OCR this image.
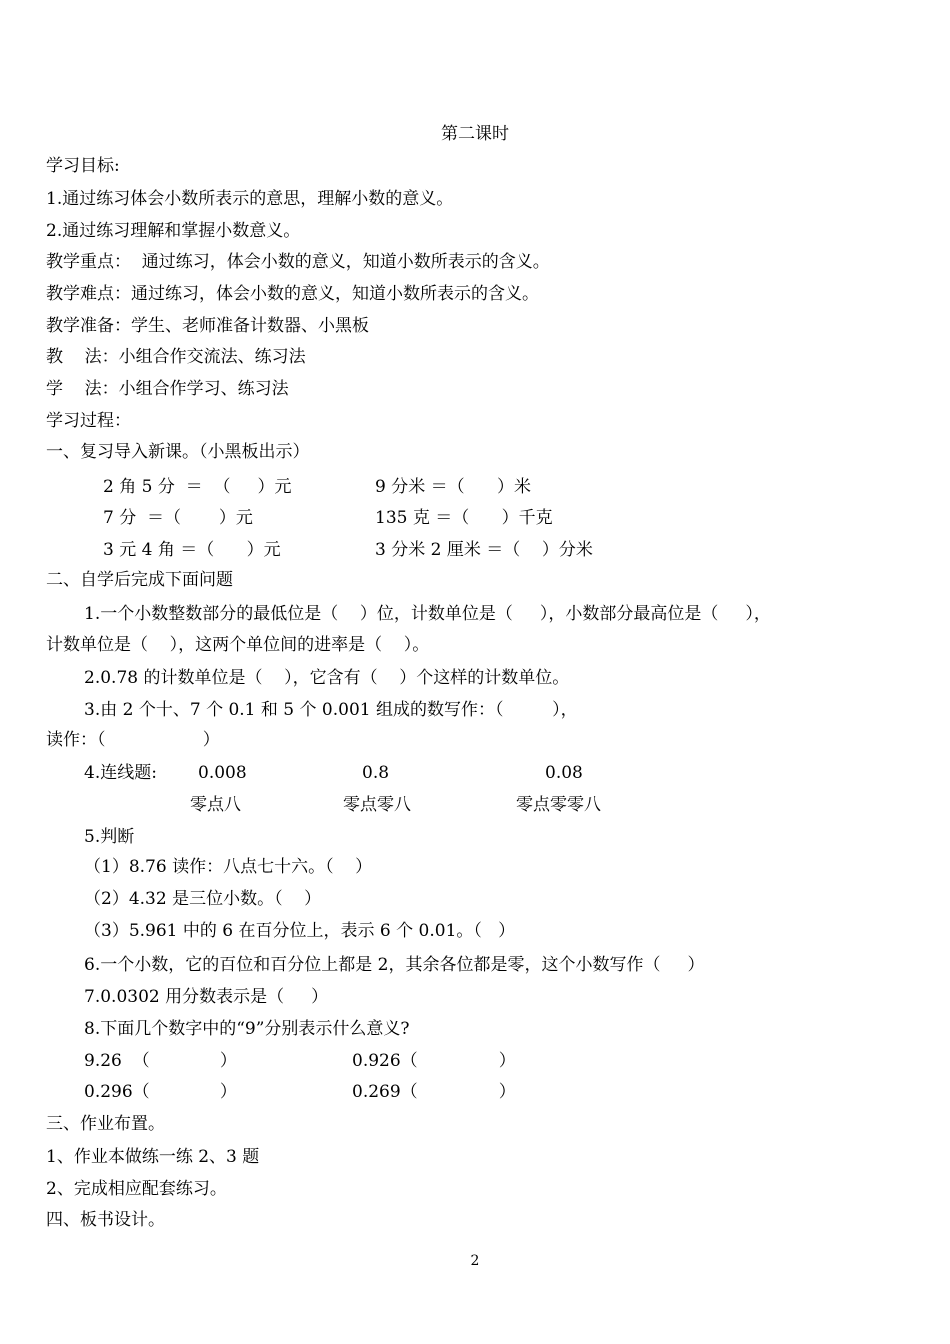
第二课时
学习目标:
1.通过练习体会小数所表示的意思，理解小数的意义。
2.通过练习理解和掌握小数意义。
教学重点：  通过练习，体会小数的意义，知道小数所表示的含义。
教学难点：通过练习，体会小数的意义，知道小数所表示的含义。
教学准备：学生、老师准备计数器、小黑板
教    法：小组合作交流法、练习法
学    法：小组合作学习、练习法
学习过程：
一、复习导入新课。（小黑板出示）
2 角 5 分  ＝  （     ）元	9 分米 ＝（      ）米
7 分  ＝（       ）元	135 克 ＝（      ）千克
3 元 4 角 ＝（      ）元	3 分米 2 厘米 ＝（    ）分米
二、自学后完成下面问题
1.一个小数整数部分的最低位是（    ）位，计数单位是（     ），小数部分最高位是（     ），
计数单位是（    ），这两个单位间的进率是（    ）。
2.0.78 的计数单位是（    ），它含有（    ）个这样的计数单位。
3.由 2 个十、7 个 0.1 和 5 个 0.001 组成的数写作：（         ），
读作：（                  ）
4.连线题: 0.008	0.8	0.08
零点八	零点零八	零点零零八
5.判断
（1）8.76 读作：八点七十六。（    ）
（2）4.32 是三位小数。（    ）
（3）5.961 中的 6 在百分位上，表示 6 个 0.01。（   ）
6.一个小数，它的百位和百分位上都是 2，其余各位都是零，这个小数写作（     ）
7.0.0302 用分数表示是（     ）
8.下面几个数字中的“9”分别表示什么意义?
9.26  （             ）	0.926（               ）
0.296（             ）	0.269（               ）
三、作业布置。
1、作业本做练一练 2、3 题
2、完成相应配套练习。
四、板书设计。
2
